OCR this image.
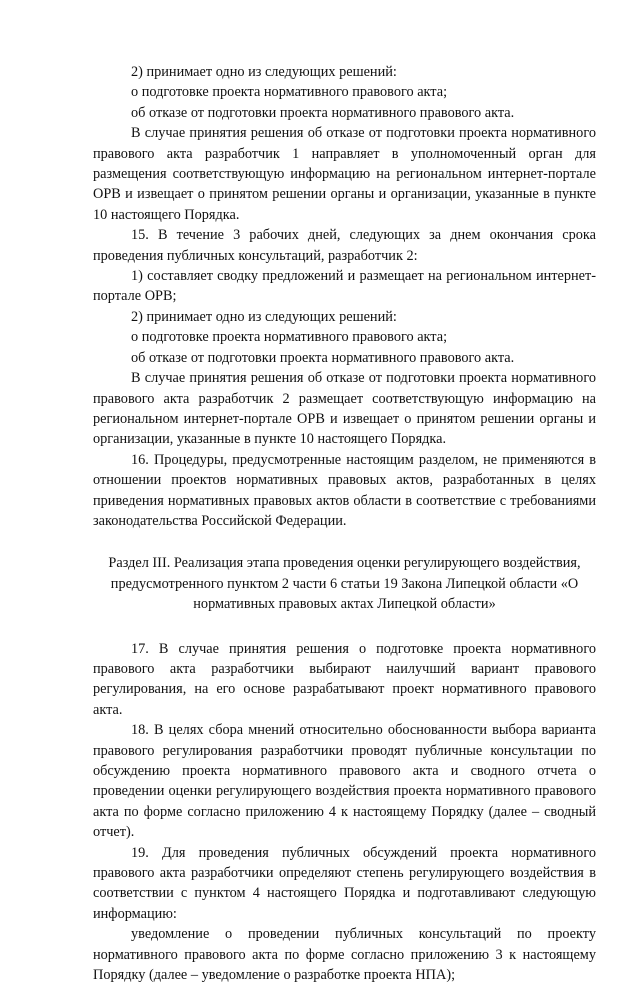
2) принимает одно из следующих решений:

о подготовке проекта нормативного правового акта;

об отказе от подготовки проекта нормативного правового акта.

В случае принятия решения об отказе от подготовки проекта нормативного правового акта разработчик 1 направляет в уполномоченный орган для размещения соответствующую информацию на региональном интернет-портале ОРВ и извещает о принятом решении органы и организации, указанные в пункте 10 настоящего Порядка.

15. В течение 3 рабочих дней, следующих за днем окончания срока проведения публичных консультаций, разработчик 2:

1) составляет сводку предложений и размещает на региональном интернет-портале ОРВ;

2) принимает одно из следующих решений:

о подготовке проекта нормативного правового акта;

об отказе от подготовки проекта нормативного правового акта.

В случае принятия решения об отказе от подготовки проекта нормативного правового акта разработчик 2 размещает соответствующую информацию на региональном интернет-портале ОРВ и извещает о принятом решении органы и организации, указанные в пункте 10 настоящего Порядка.

16. Процедуры, предусмотренные настоящим разделом, не применяются в отношении проектов нормативных правовых актов, разработанных в целях приведения нормативных правовых актов области в соответствие с требованиями законодательства Российской Федерации.

Раздел III. Реализация этапа проведения оценки регулирующего воздействия, предусмотренного пунктом 2 части 6 статьи 19 Закона Липецкой области «О нормативных правовых актах Липецкой области»

17. В случае принятия решения о подготовке проекта нормативного правового акта разработчики выбирают наилучший вариант правового регулирования, на его основе разрабатывают проект нормативного правового акта.

18. В целях сбора мнений относительно обоснованности выбора варианта правового регулирования разработчики проводят публичные консультации по обсуждению проекта нормативного правового акта и сводного отчета о проведении оценки регулирующего воздействия проекта нормативного правового акта по форме согласно приложению 4 к настоящему Порядку (далее – сводный отчет).

19. Для проведения публичных обсуждений проекта нормативного правового акта разработчики определяют степень регулирующего воздействия в соответствии с пунктом 4 настоящего Порядка и подготавливают следующую информацию:

уведомление о проведении публичных консультаций по проекту нормативного правового акта по форме согласно приложению 3 к настоящему Порядку (далее – уведомление о разработке проекта НПА);
